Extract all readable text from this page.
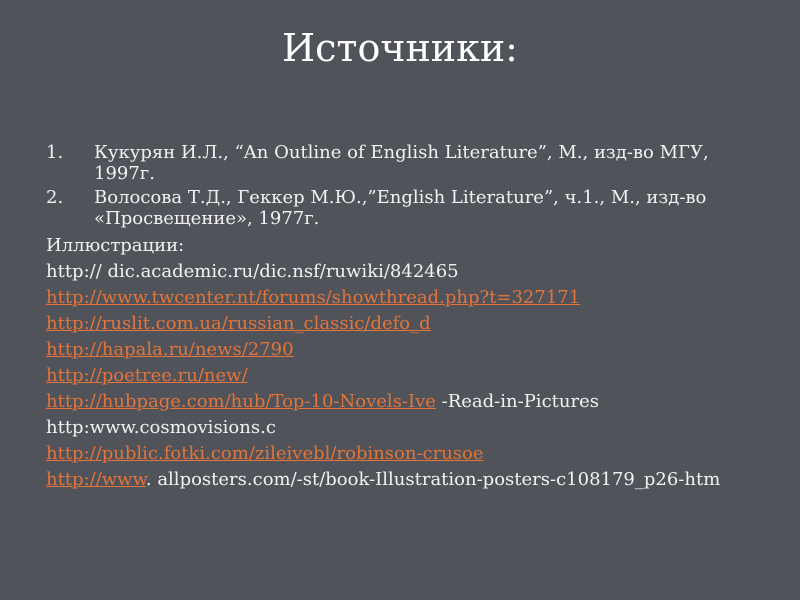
Источники:
1. Кукурян И.Л., “An Outline of English Literature”, М., изд-во МГУ, 1997г.
2. Волосова Т.Д., Геккер М.Ю.,”English Literature”, ч.1., М., изд-во «Просвещение», 1977г.
Иллюстрации:
http:// dic.academic.ru/dic.nsf/ruwiki/842465
http://www.twcenter.nt/forums/showthread.php?t=327171
http://ruslit.com.ua/russian_classic/defo_d
http://hapala.ru/news/2790
http://poetree.ru/new/
http://hubpage.com/hub/Top-10-Novels-Ive -Read-in-Pictures
http:www.cosmovisions.c
http://public.fotki.com/zileivebl/robinson-crusoe
http://www. allposters.com/-st/book-Illustration-posters-c108179_p26-htm
